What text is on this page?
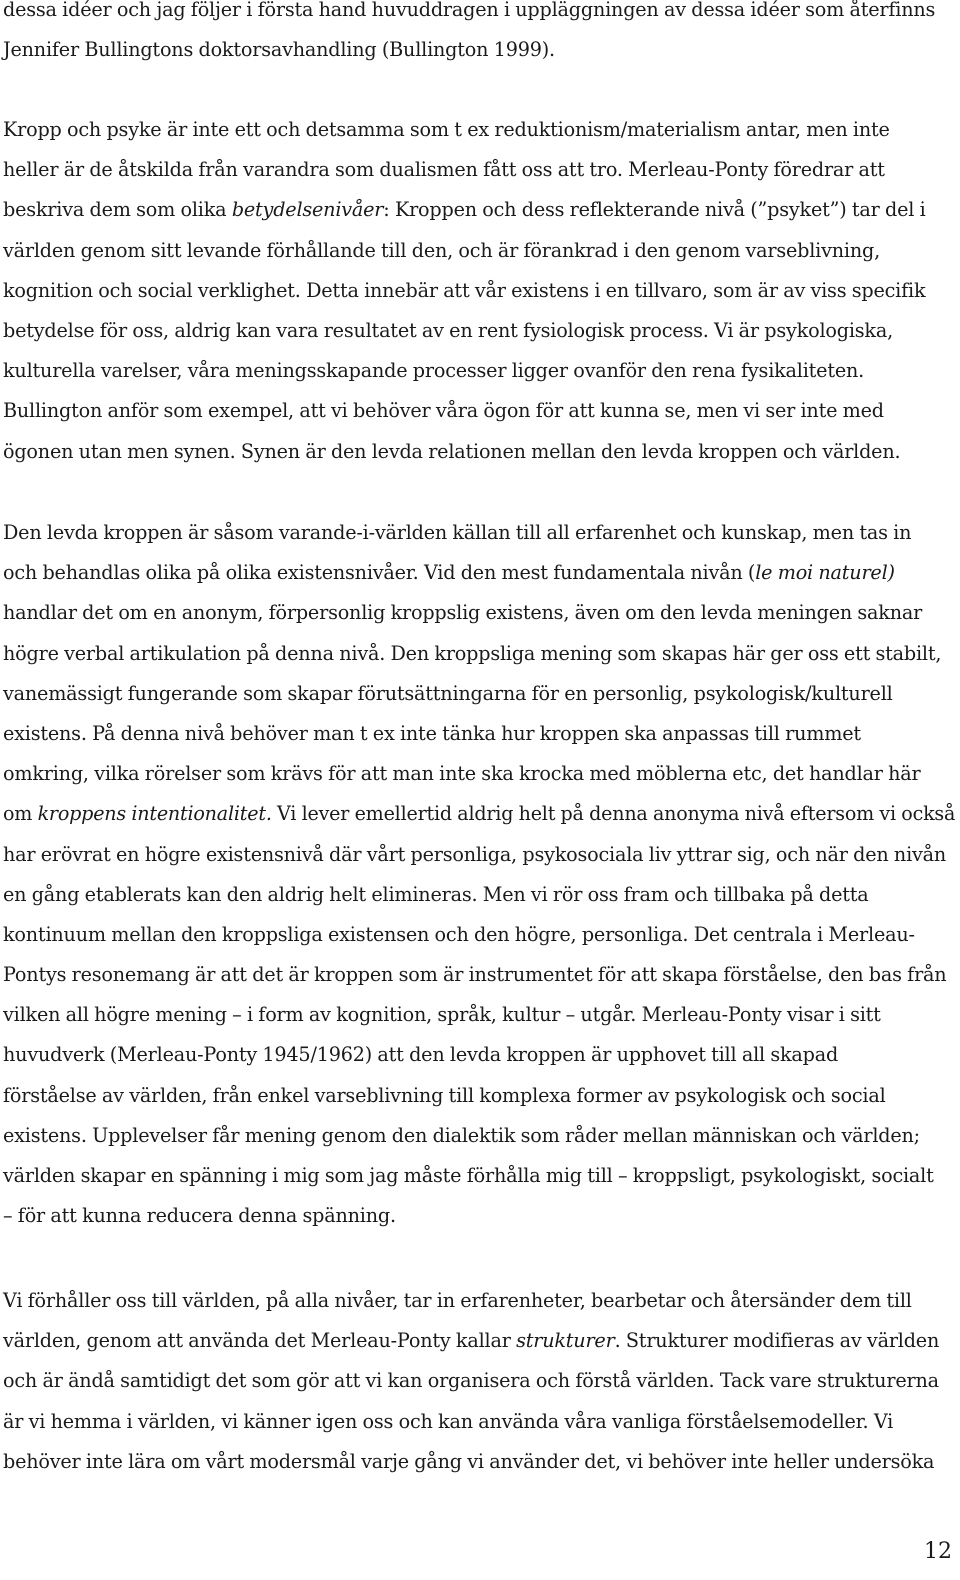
dessa idéer och jag följer i första hand huvuddragen i uppläggningen av dessa idéer som återfinns
Jennifer Bullingtons doktorsavhandling (Bullington 1999).
Kropp och psyke är inte ett och detsamma som t ex reduktionism/materialism antar, men inte
heller är de åtskilda från varandra som dualismen fått oss att tro. Merleau-Ponty föredrar att
beskriva dem som olika betydelsenivåer: Kroppen och dess reflekterande nivå (”psyket”) tar del i
världen genom sitt levande förhållande till den, och är förankrad i den genom varseblivning,
kognition och social verklighet. Detta innebär att vår existens i en tillvaro, som är av viss specifik
betydelse för oss, aldrig kan vara resultatet av en rent fysiologisk process. Vi är psykologiska,
kulturella varelser, våra meningsskapande processer ligger ovanför den rena fysikaliteten.
Bullington anför som exempel, att vi behöver våra ögon för att kunna se, men vi ser inte med
ögonen utan men synen. Synen är den levda relationen mellan den levda kroppen och världen.
Den levda kroppen är såsom varande-i-världen källan till all erfarenhet och kunskap, men tas in
och behandlas olika på olika existensnivåer. Vid den mest fundamentala nivån (le moi naturel)
handlar det om en anonym, förpersonlig kroppslig existens, även om den levda meningen saknar
högre verbal artikulation på denna nivå. Den kroppsliga mening som skapas här ger oss ett stabilt,
vanemässigt fungerande som skapar förutsättningarna för en personlig, psykologisk/kulturell
existens. På denna nivå behöver man t ex inte tänka hur kroppen ska anpassas till rummet
omkring, vilka rörelser som krävs för att man inte ska krocka med möblerna etc, det handlar här
om kroppens intentionalitet. Vi lever emellertid aldrig helt på denna anonyma nivå eftersom vi också
har erövrat en högre existensnivå där vårt personliga, psykosociala liv yttrar sig, och när den nivån
en gång etablerats kan den aldrig helt elimineras. Men vi rör oss fram och tillbaka på detta
kontinuum mellan den kroppsliga existensen och den högre, personliga. Det centrala i Merleau-
Pontys resonemang är att det är kroppen som är instrumentet för att skapa förståelse, den bas från
vilken all högre mening – i form av kognition, språk, kultur – utgår. Merleau-Ponty visar i sitt
huvudverk (Merleau-Ponty 1945/1962) att den levda kroppen är upphovet till all skapad
förståelse av världen, från enkel varseblivning till komplexa former av psykologisk och social
existens. Upplevelser får mening genom den dialektik som råder mellan människan och världen;
världen skapar en spänning i mig som jag måste förhålla mig till – kroppsligt, psykologiskt, socialt
– för att kunna reducera denna spänning.
Vi förhåller oss till världen, på alla nivåer, tar in erfarenheter, bearbetar och återsänder dem till
världen, genom att använda det Merleau-Ponty kallar strukturer. Strukturer modifieras av världen
och är ändå samtidigt det som gör att vi kan organisera och förstå världen. Tack vare strukturerna
är vi hemma i världen, vi känner igen oss och kan använda våra vanliga förståelsemodeller. Vi
behöver inte lära om vårt modersmål varje gång vi använder det, vi behöver inte heller undersöka
12
